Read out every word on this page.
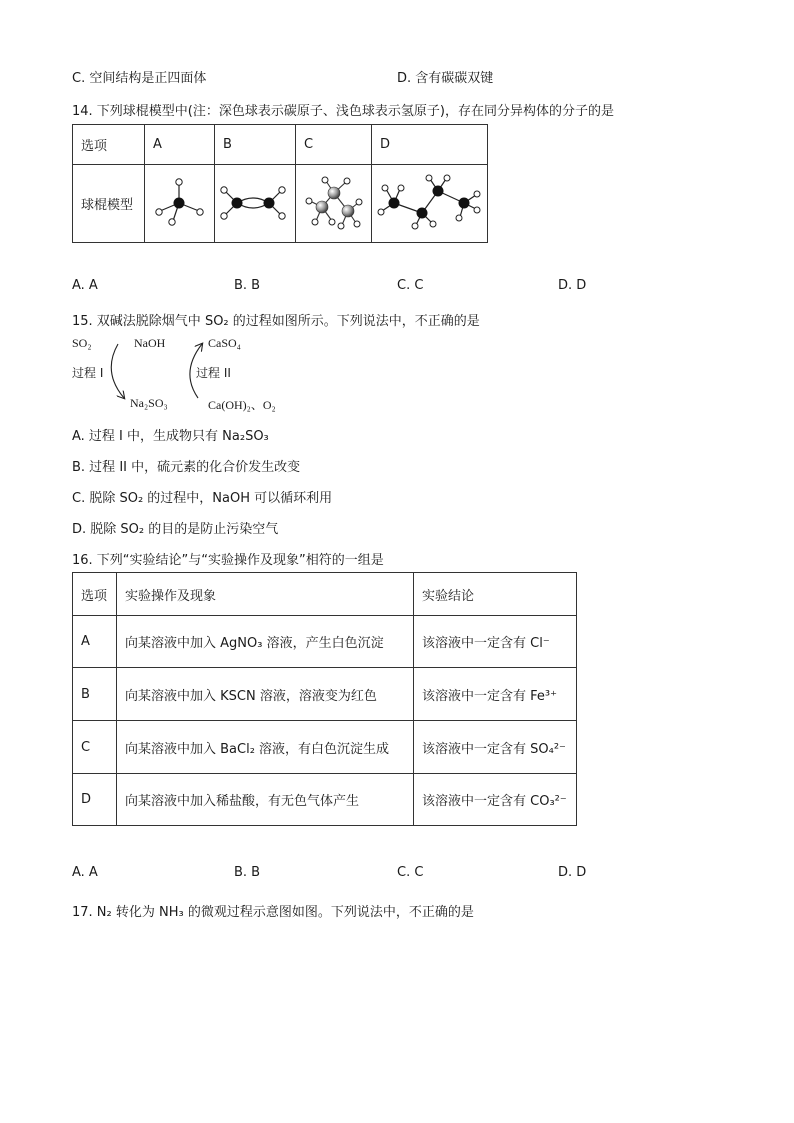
C. 空间结构是正四面体	D. 含有碳碳双键
14. 下列球棍模型中(注：深色球表示碳原子、浅色球表示氢原子)，存在同分异构体的分子的是
选项	A	B	C	D
球棍模型				
A. A	B. B	C. C	D. D
15. 双碱法脱除烟气中 SO₂ 的过程如图所示。下列说法中，不正确的是
SO₂	NaOH	CaSO₄
过程 I	过程 II
Na₂SO₃	Ca(OH)₂、O₂
A. 过程 I 中，生成物只有 Na₂SO₃
B. 过程 II 中，硫元素的化合价发生改变
C. 脱除 SO₂ 的过程中，NaOH 可以循环利用
D. 脱除 SO₂ 的目的是防止污染空气
16. 下列“实验结论”与“实验操作及现象”相符的一组是
选项	实验操作及现象	实验结论
A	向某溶液中加入 AgNO₃ 溶液，产生白色沉淀	该溶液中一定含有 Cl⁻
B	向某溶液中加入 KSCN 溶液，溶液变为红色	该溶液中一定含有 Fe³⁺
C	向某溶液中加入 BaCl₂ 溶液，有白色沉淀生成	该溶液中一定含有 SO₄²⁻
D	向某溶液中加入稀盐酸，有无色气体产生	该溶液中一定含有 CO₃²⁻
A. A	B. B	C. C	D. D
17. N₂ 转化为 NH₃ 的微观过程示意图如图。下列说法中，不正确的是
